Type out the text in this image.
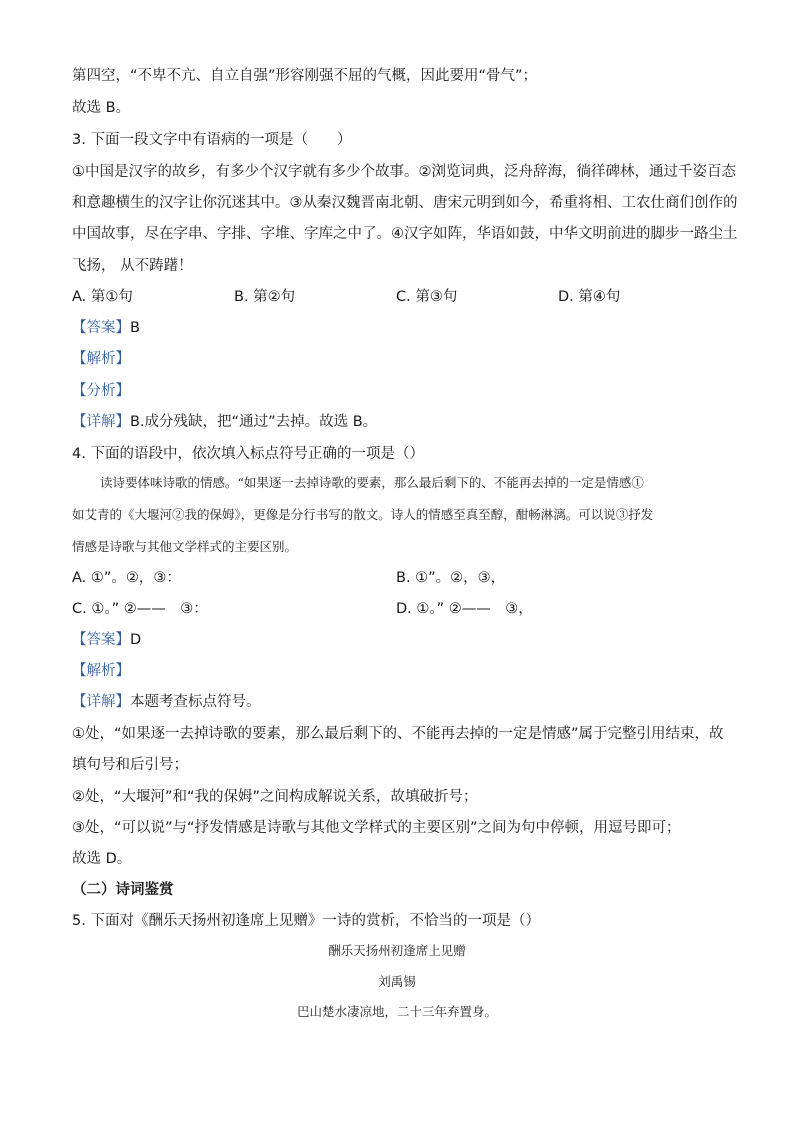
第四空，“不卑不亢、自立自强”形容刚强不屈的气概，因此要用“骨气”；
故选 B。
3. 下面一段文字中有语病的一项是（　　）
①中国是汉字的故乡，有多少个汉字就有多少个故事。②浏览词典，泛舟辞海，徜徉碑林，通过千姿百态
和意趣横生的汉字让你沉迷其中。③从秦汉魏晋南北朝、唐宋元明到如今，希重将相、工农仕商们创作的
中国故事，尽在字串、字排、字堆、字库之中了。④汉字如阵，华语如鼓，中华文明前进的脚步一路尘土
飞扬， 从不踌躇！
A. 第①句	B. 第②句	C. 第③句	D. 第④句
【答案】B
【解析】
【分析】
【详解】B.成分残缺，把“通过”去掉。故选 B。
4. 下面的语段中，依次填入标点符号正确的一项是（）
读诗要体味诗歌的情感。“如果逐一去掉诗歌的要素，那么最后剩下的、不能再去掉的一定是情感①
如艾青的《大堰河②我的保姆》，更像是分行书写的散文。诗人的情感至真至醇，酣畅淋漓。可以说③抒发
情感是诗歌与其他文学样式的主要区别。
A. ①”。②，③：	B. ①”。②，③，
C. ①。” ②——　③：	D. ①。” ②——　③，
【答案】D
【解析】
【详解】本题考查标点符号。
①处，“如果逐一去掉诗歌的要素，那么最后剩下的、不能再去掉的一定是情感”属于完整引用结束，故
填句号和后引号；
②处，“大堰河”和“我的保姆”之间构成解说关系，故填破折号；
③处，“可以说”与“抒发情感是诗歌与其他文学样式的主要区别”之间为句中停顿，用逗号即可；
故选 D。
（二）诗词鉴赏
5. 下面对《酬乐天扬州初逢席上见赠》一诗的赏析，不恰当的一项是（）
酬乐天扬州初逢席上见赠
刘禹锡
巴山楚水凄凉地，二十三年弃置身。
